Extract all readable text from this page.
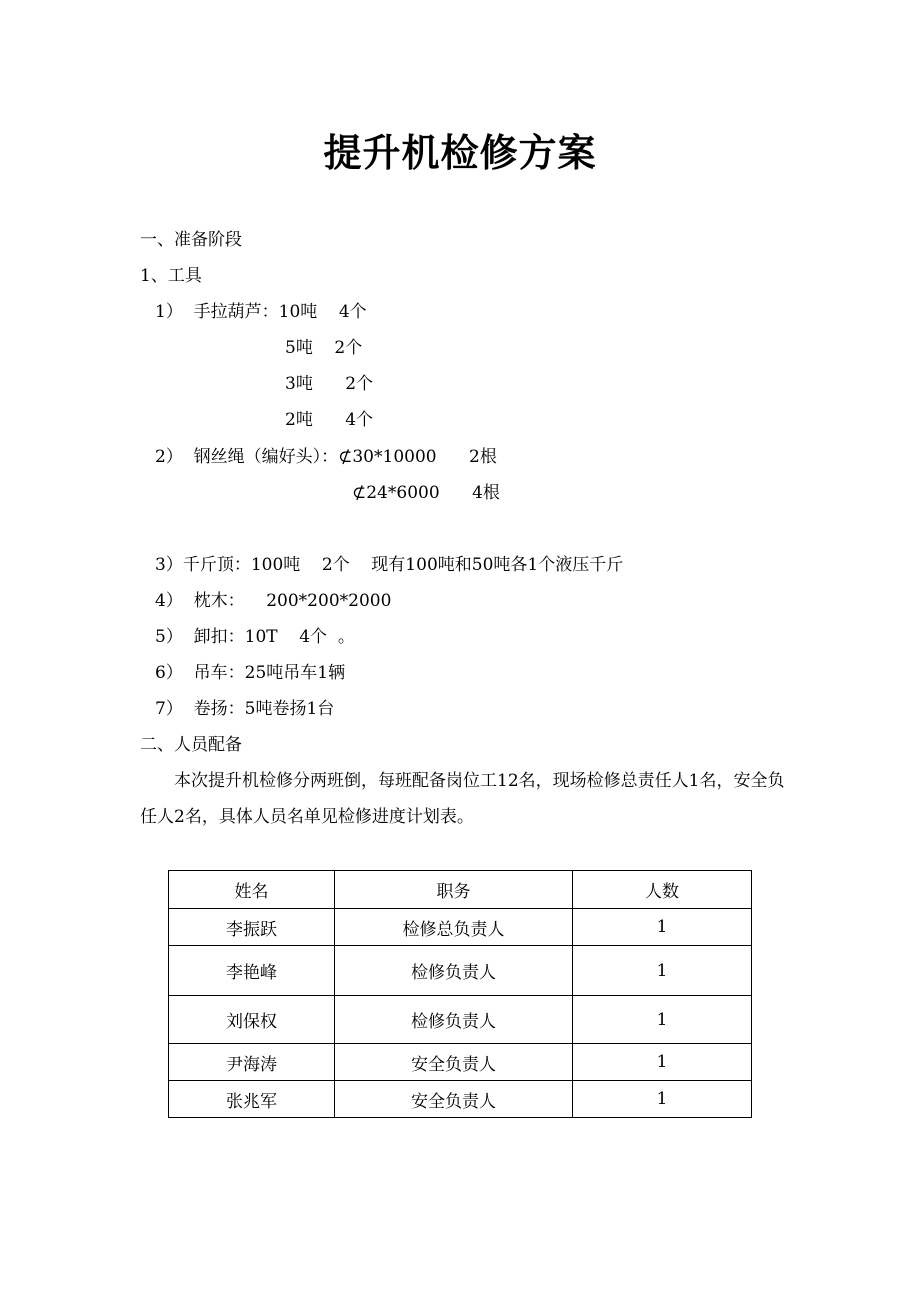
提升机检修方案
一、准备阶段
1、工具
1）  手拉葫芦：10吨    4个
5吨    2个
3吨      2个
2吨      4个
2）  钢丝绳（编好头）：⊄30*10000      2根
⊄24*6000      4根
3）千斤顶：100吨    2个    现有100吨和50吨各1个液压千斤
4）  枕木：    200*200*2000
5）  卸扣：10T    4个  。
6）  吊车：25吨吊车1辆
7）  卷扬：5吨卷扬1台
二、人员配备
本次提升机检修分两班倒，每班配备岗位工12名，现场检修总责任人1名，安全负任人2名，具体人员名单见检修进度计划表。
姓名	职务	人数
李振跃	检修总负责人	1
李艳峰	检修负责人	1
刘保权	检修负责人	1
尹海涛	安全负责人	1
张兆军	安全负责人	1
